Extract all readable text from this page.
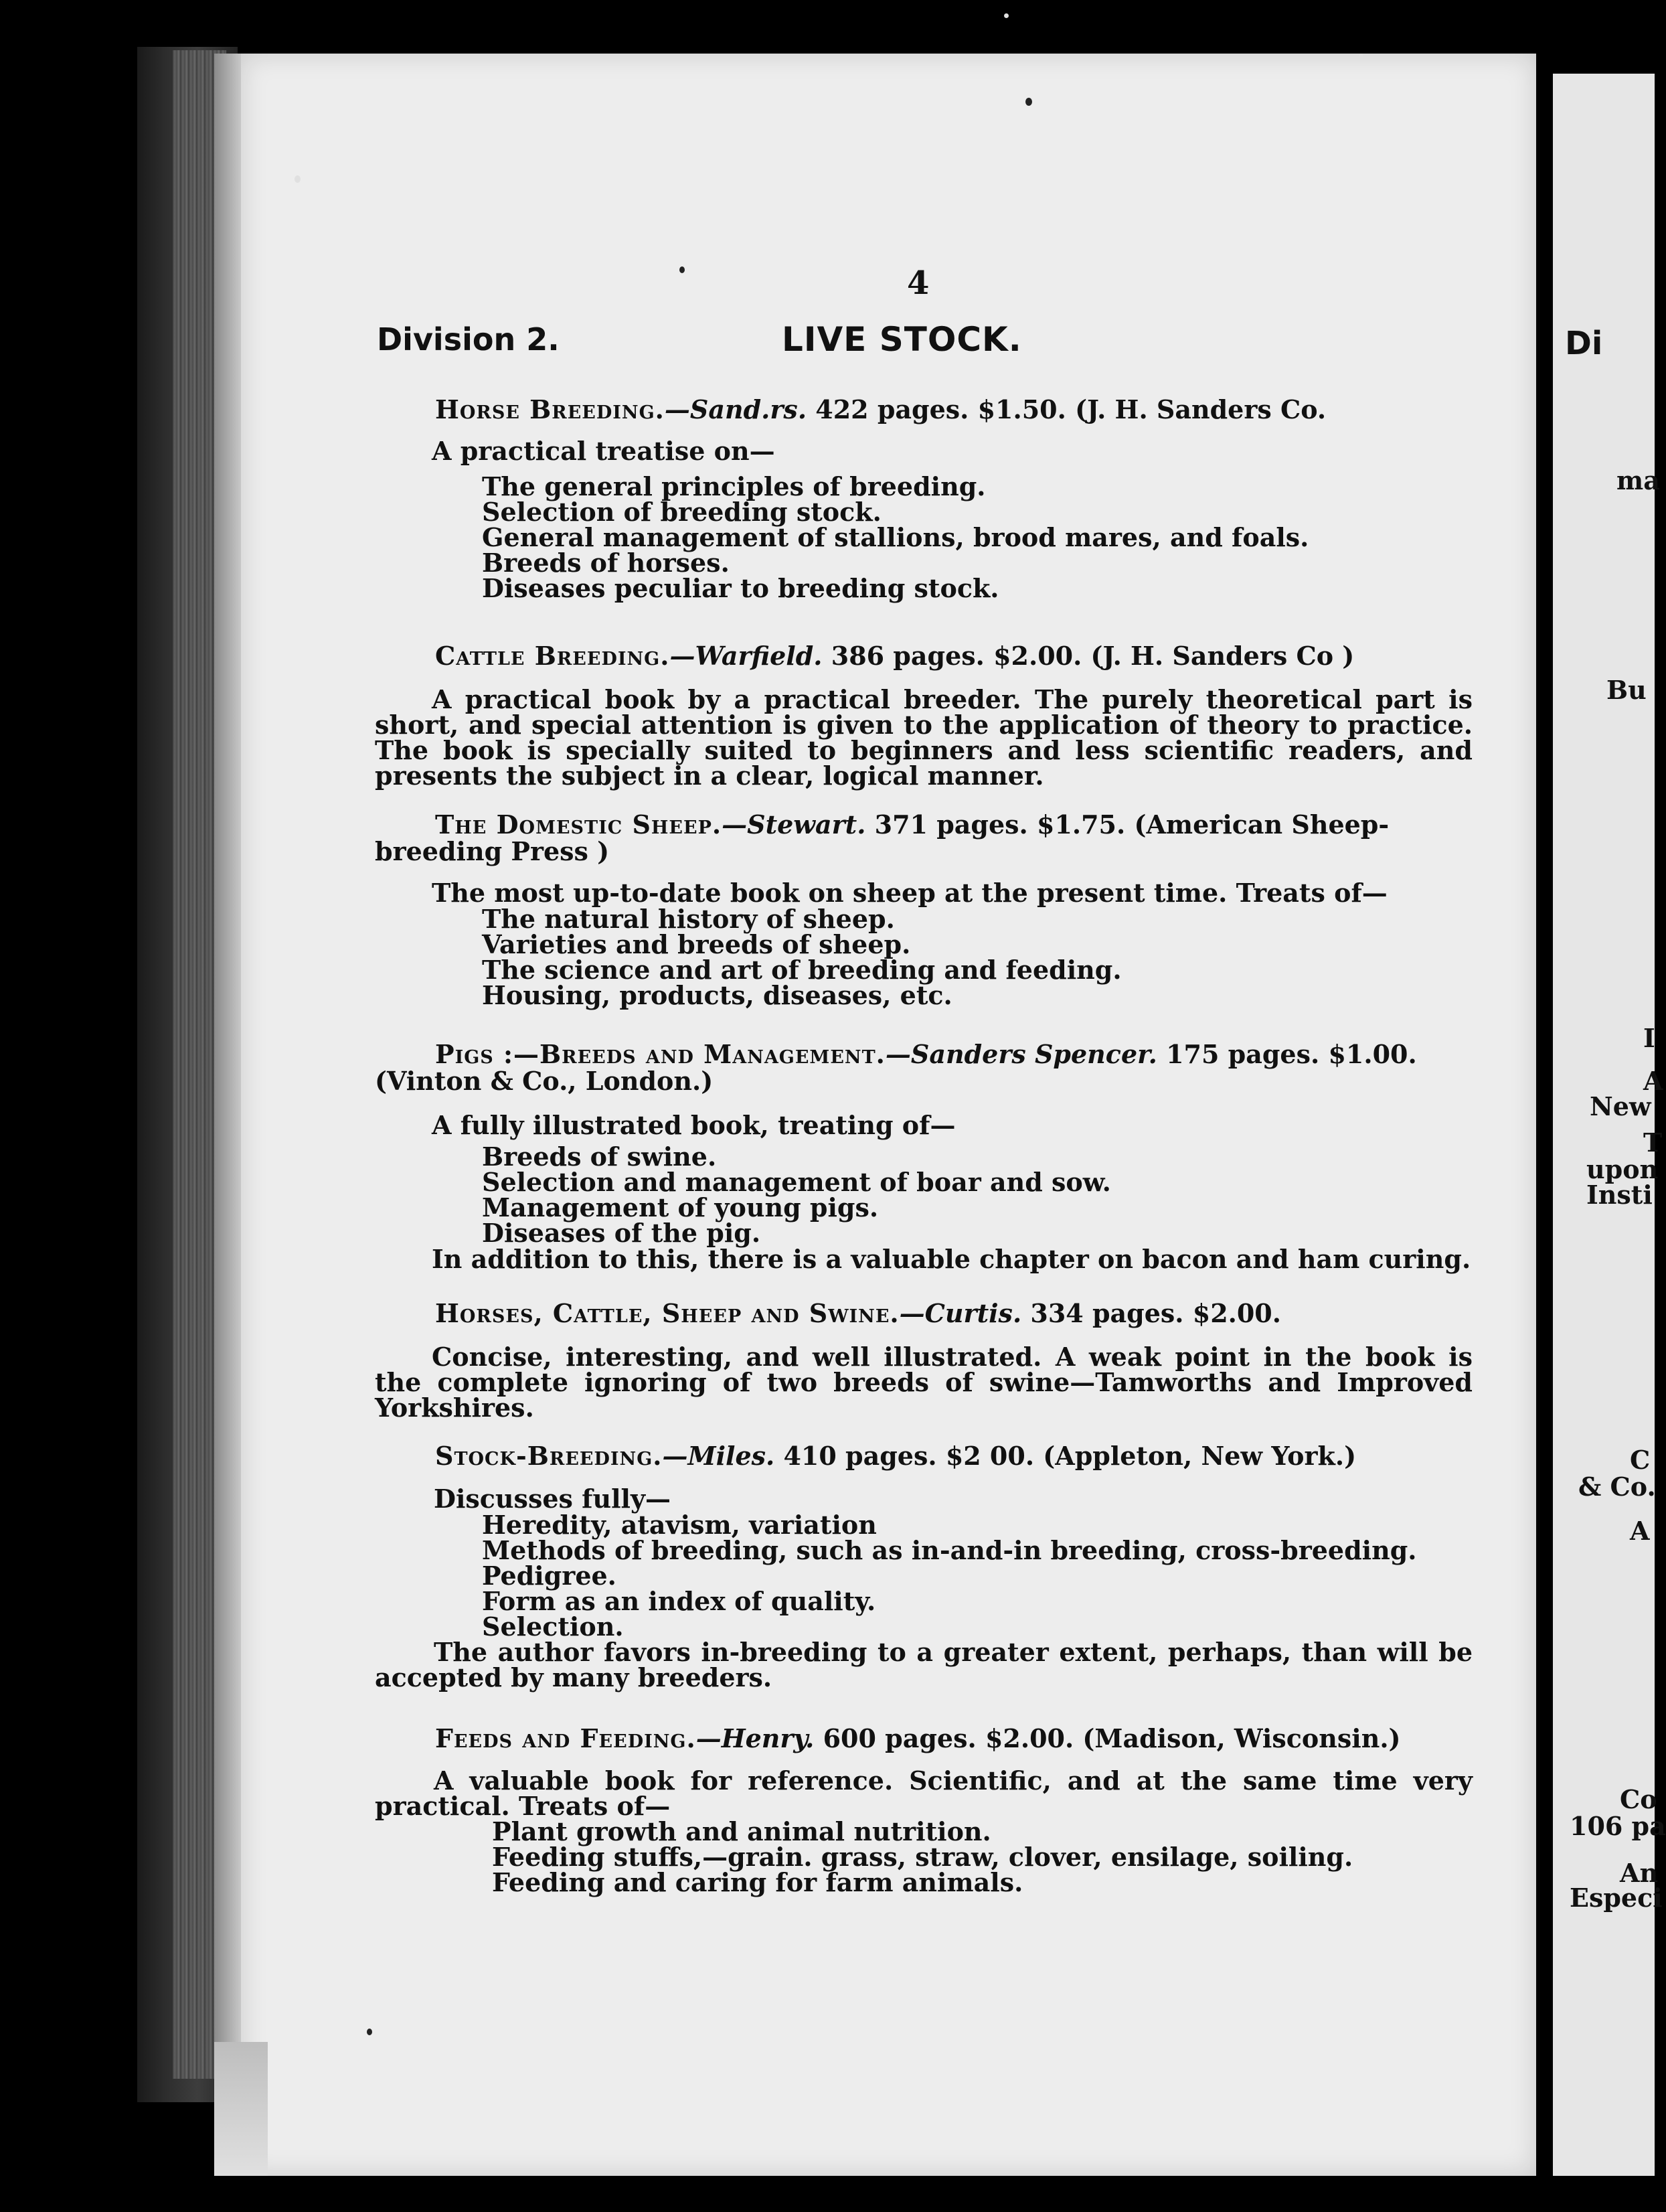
4
Division 2.	LIVE STOCK.
Horse Breeding.—Sand․rs. 422 pages. $1.50. (J. H. Sanders Co.
A practical treatise on—
The general principles of breeding.
Selection of breeding stock.
General management of stallions, brood mares, and foals.
Breeds of horses.
Diseases peculiar to breeding stock.
Cattle Breeding.—Warfield. 386 pages. $2.00. (J. H. Sanders Co )
A practical book by a practical breeder. The purely theoretical part is short, and special attention is given to the application of theory to practice. The book is specially suited to beginners and less scientific readers, and presents the subject in a clear, logical manner.
The Domestic Sheep.—Stewart. 371 pages. $1.75. (American Sheep-
breeding Press )
The most up-to-date book on sheep at the present time. Treats of—
The natural history of sheep.
Varieties and breeds of sheep.
The science and art of breeding and feeding.
Housing, products, diseases, etc.
Pigs :—Breeds and Management.—Sanders Spencer. 175 pages. $1.00.
(Vinton & Co., London.)
A fully illustrated book, treating of—
Breeds of swine.
Selection and management of boar and sow.
Management of young pigs.
Diseases of the pig.
In addition to this, there is a valuable chapter on bacon and ham curing.
Horses, Cattle, Sheep and Swine.—Curtis. 334 pages. $2.00.
Concise, interesting, and well illustrated. A weak point in the book is the complete ignoring of two breeds of swine—Tamworths and Improved Yorkshires.
Stock-Breeding.—Miles. 410 pages. $2 00. (Appleton, New York.)
Discusses fully—
Heredity, atavism, variation
Methods of breeding, such as in-and-in breeding, cross-breeding.
Pedigree.
Form as an index of quality.
Selection.
The author favors in-breeding to a greater extent, perhaps, than will be accepted by many breeders.
Feeds and Feeding.—Henry. 600 pages. $2.00. (Madison, Wisconsin.)
A valuable book for reference. Scientific, and at the same time very practical. Treats of—
Plant growth and animal nutrition.
Feeding stuffs,—grain. grass, straw, clover, ensilage, soiling.
Feeding and caring for farm animals.
Di
ma
Bu
I
A
New
T
upon
Insti
C
& Co.
A
Co
106 pa
An
Especi
